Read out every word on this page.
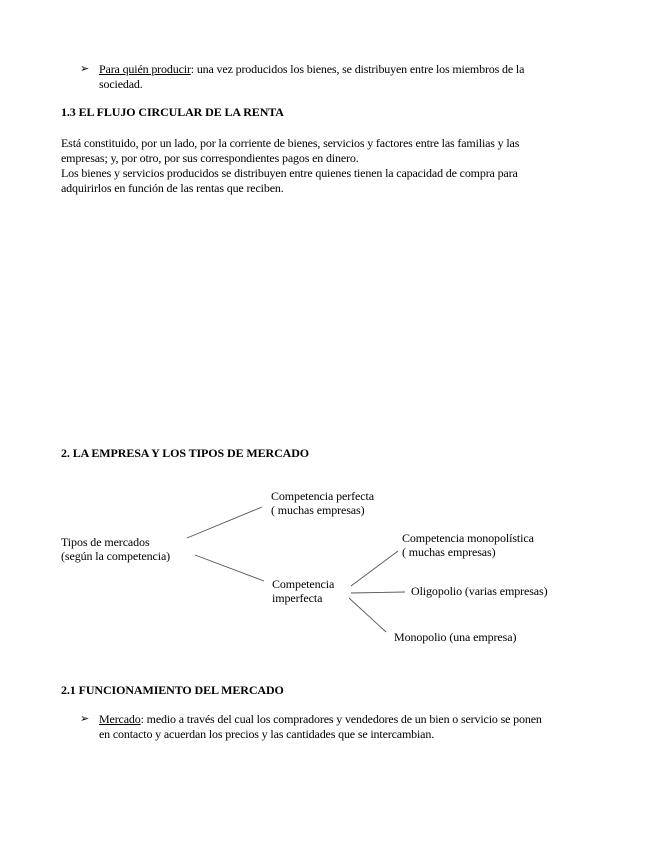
➢ Para quién producir: una vez producidos los bienes, se distribuyen entre los miembros de la
sociedad.
1.3 EL FLUJO CIRCULAR DE LA RENTA
Está constituido, por un lado, por la corriente de bienes, servicios y factores entre las familias y las
empresas; y, por otro, por sus correspondientes pagos en dinero.
Los bienes y servicios producidos se distribuyen entre quienes tienen la capacidad de compra para
adquirirlos en función de las rentas que reciben.
2. LA EMPRESA Y LOS TIPOS DE MERCADO
Tipos de mercados
(según la competencia)
Competencia perfecta
( muchas empresas)
Competencia
imperfecta
Competencia monopolística
( muchas empresas)
Oligopolio (varias empresas)
Monopolio (una empresa)
2.1 FUNCIONAMIENTO DEL MERCADO
➢ Mercado: medio a través del cual los compradores y vendedores de un bien o servicio se ponen
en contacto y acuerdan los precios y las cantidades que se intercambian.
